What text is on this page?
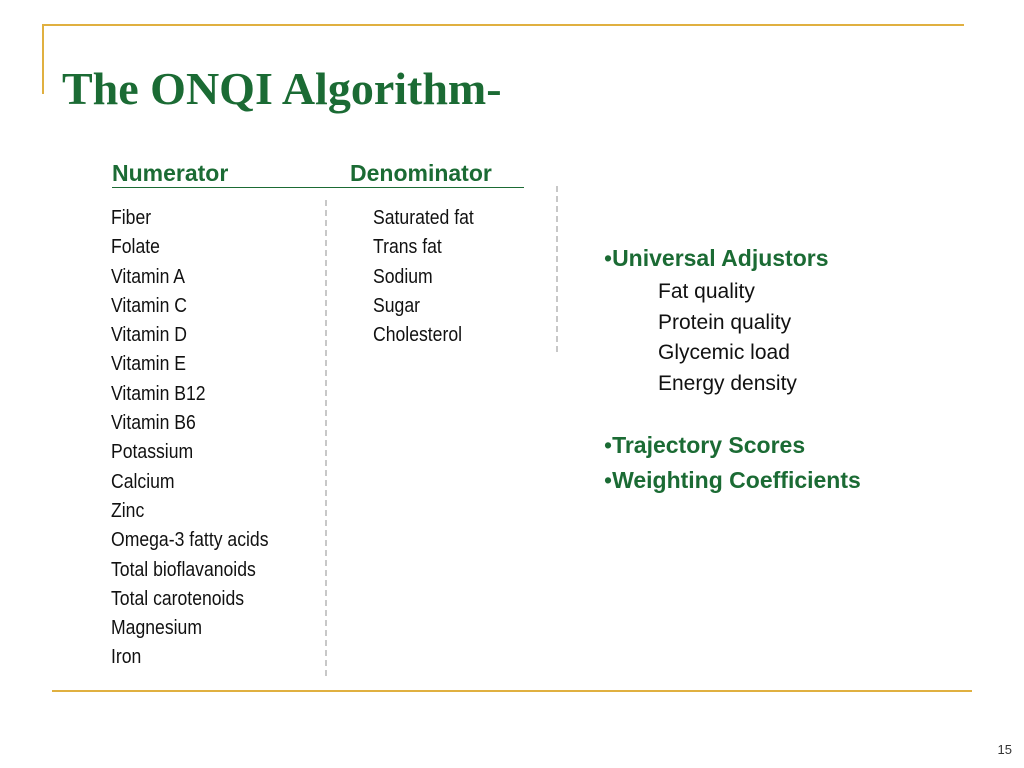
The ONQI Algorithm-
Numerator	Denominator
Fiber
Folate
Vitamin A
Vitamin C
Vitamin D
Vitamin E
Vitamin B12
Vitamin B6
Potassium
Calcium
Zinc
Omega-3 fatty acids
Total bioflavanoids
Total carotenoids
Magnesium
Iron
Saturated fat
Trans fat
Sodium
Sugar
Cholesterol
•Universal Adjustors
Fat quality
Protein quality
Glycemic load
Energy density
•Trajectory Scores
•Weighting Coefficients
15
